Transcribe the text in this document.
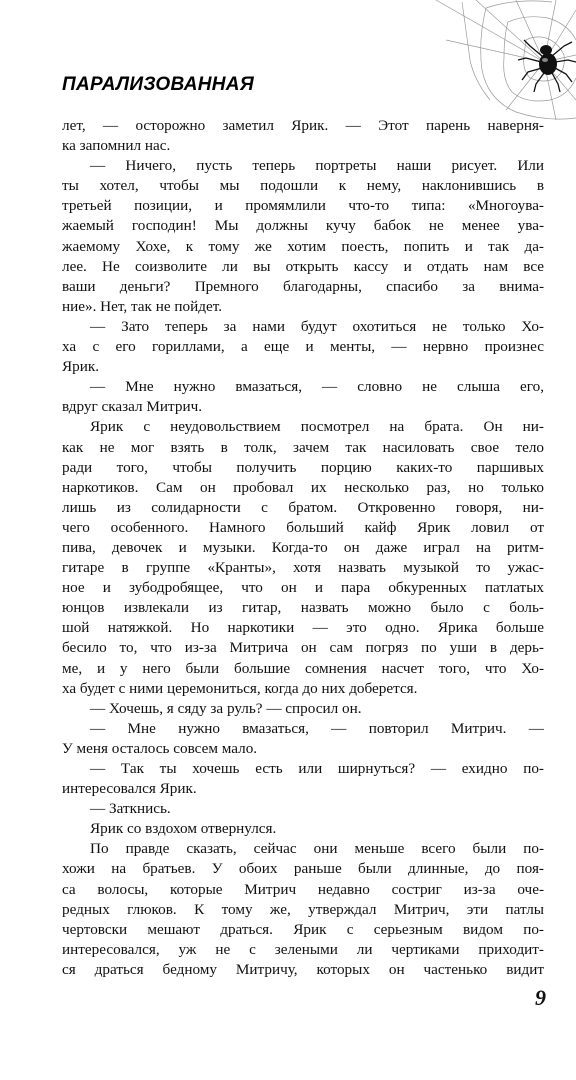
ПАРАЛИЗОВАННАЯ
лет, — осторожно заметил Ярик. — Этот парень наверня-
ка запомнил нас.
— Ничего, пусть теперь портреты наши рисует. Или
ты хотел, чтобы мы подошли к нему, наклонившись в
третьей позиции, и промямлили что-то типа: «Многоува-
жаемый господин! Мы должны кучу бабок не менее ува-
жаемому Хохе, к тому же хотим поесть, попить и так да-
лее. Не соизволите ли вы открыть кассу и отдать нам все
ваши деньги? Премного благодарны, спасибо за внима-
ние». Нет, так не пойдет.
— Зато теперь за нами будут охотиться не только Хо-
ха с его гориллами, а еще и менты, — нервно произнес
Ярик.
— Мне нужно вмазаться, — словно не слыша его,
вдруг сказал Митрич.
Ярик с неудовольствием посмотрел на брата. Он ни-
как не мог взять в толк, зачем так насиловать свое тело
ради того, чтобы получить порцию каких-то паршивых
наркотиков. Сам он пробовал их несколько раз, но только
лишь из солидарности с братом. Откровенно говоря, ни-
чего особенного. Намного больший кайф Ярик ловил от
пива, девочек и музыки. Когда-то он даже играл на ритм-
гитаре в группе «Кранты», хотя назвать музыкой то ужас-
ное и зубодробящее, что он и пара обкуренных патлатых
юнцов извлекали из гитар, назвать можно было с боль-
шой натяжкой. Но наркотики — это одно. Ярика больше
бесило то, что из-за Митрича он сам погряз по уши в дерь-
ме, и у него были большие сомнения насчет того, что Хо-
ха будет с ними церемониться, когда до них доберется.
— Хочешь, я сяду за руль? — спросил он.
— Мне нужно вмазаться, — повторил Митрич. —
У меня осталось совсем мало.
— Так ты хочешь есть или ширнуться? — ехидно по-
интересовался Ярик.
— Заткнись.
Ярик со вздохом отвернулся.
По правде сказать, сейчас они меньше всего были по-
хожи на братьев. У обоих раньше были длинные, до поя-
са волосы, которые Митрич недавно состриг из-за оче-
редных глюков. К тому же, утверждал Митрич, эти патлы
чертовски мешают драться. Ярик с серьезным видом по-
интересовался, уж не с зелеными ли чертиками приходит-
ся драться бедному Митричу, которых он частенько видит
9
